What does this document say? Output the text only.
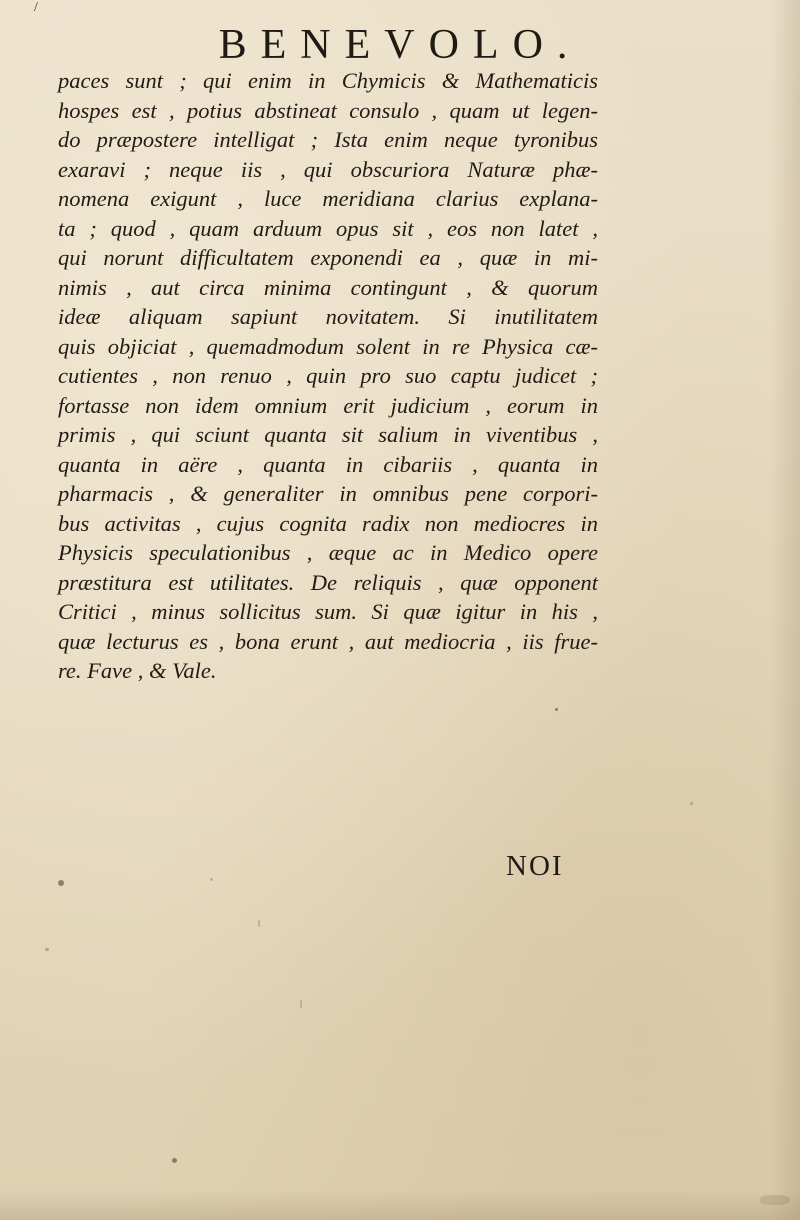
/
BENEVOLO.
paces sunt ; qui enim in Chymicis & Mathematicis
hospes est , potius abstineat consulo , quam ut legen-
do præpostere intelligat ; Ista enim neque tyronibus
exaravi ; neque iis , qui obscuriora Naturæ phæ-
nomena exigunt , luce meridiana clarius explana-
ta ; quod , quam arduum opus sit , eos non latet ,
qui norunt difficultatem exponendi ea , quæ in mi-
nimis , aut circa minima contingunt , & quorum
ideæ aliquam sapiunt novitatem. Si inutilitatem
quis objiciat , quemadmodum solent in re Physica cæ-
cutientes , non renuo , quin pro suo captu judicet ;
fortasse non idem omnium erit judicium , eorum in
primis , qui sciunt quanta sit salium in viventibus ,
quanta in aëre , quanta in cibariis , quanta in
pharmacis , & generaliter in omnibus pene corpori-
bus activitas , cujus cognita radix non mediocres in
Physicis speculationibus , æque ac in Medico opere
præstitura est utilitates. De reliquis , quæ opponent
Critici , minus sollicitus sum. Si quæ igitur in his ,
quæ lecturus es , bona erunt , aut mediocria , iis frue-
re. Fave , & Vale.
NOI
